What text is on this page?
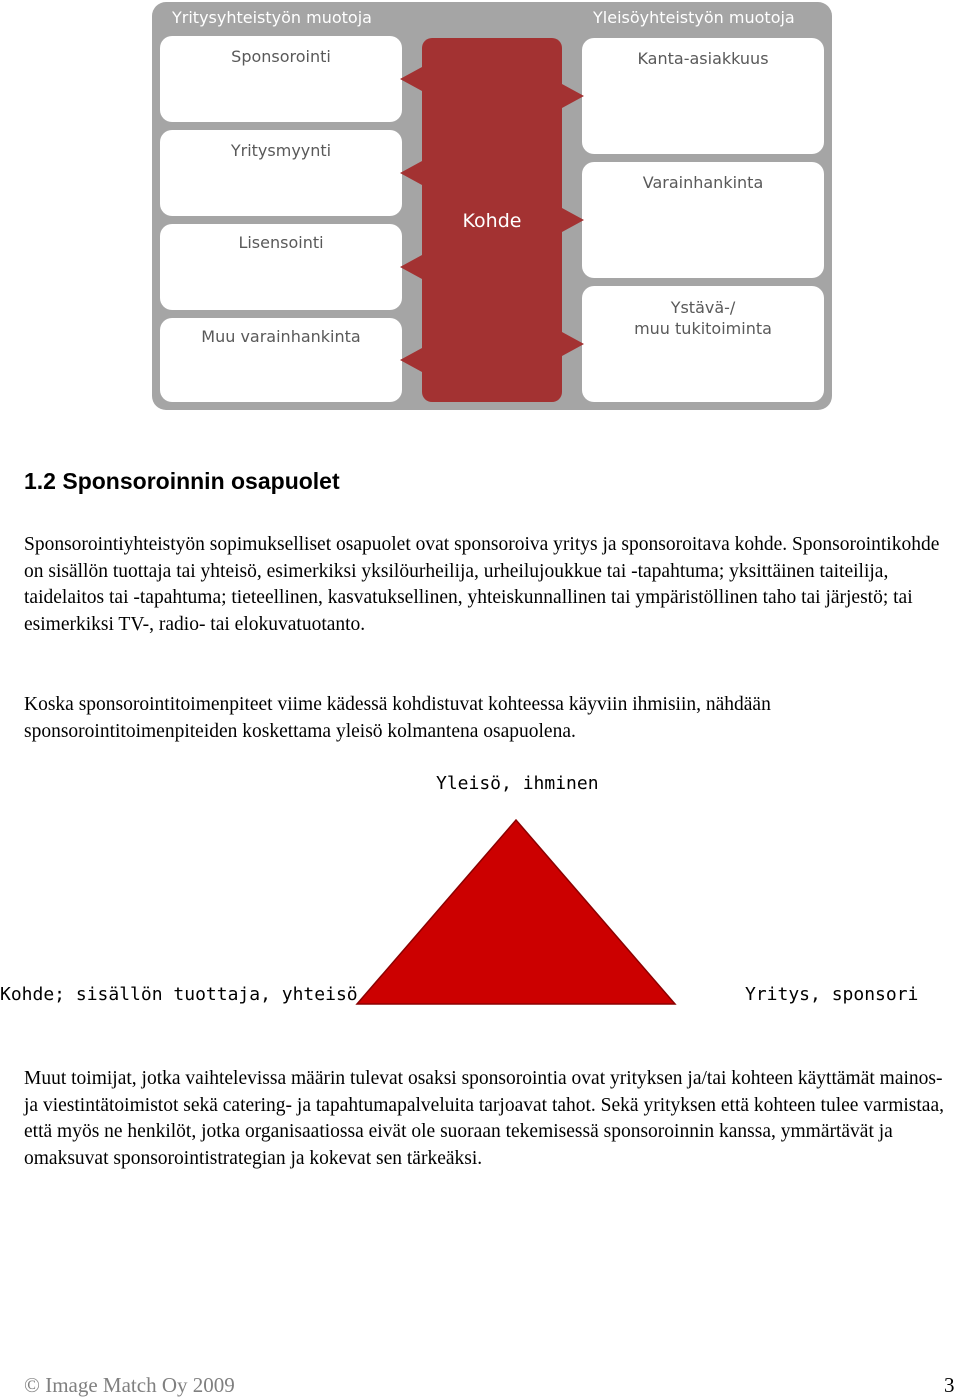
Yritysyhteistyön muotoja	Yleisöyhteistyön muotoja
Sponsorointi
Yritysmyynti
Lisensointi
Muu varainhankinta
Kanta-asiakkuus
Varainhankinta
Ystävä-/
muu tukitoiminta
Kohde
1.2 Sponsoroinnin osapuolet
Sponsorointiyhteistyön sopimukselliset osapuolet ovat sponsoroiva yritys ja sponsoroitava kohde. Sponsorointikohde on sisällön tuottaja tai yhteisö, esimerkiksi yksilöurheilija, urheilujoukkue tai -tapahtuma; yksittäinen taiteilija, taidelaitos tai -tapahtuma; tieteellinen, kasvatuksellinen, yhteiskunnallinen tai ympäristöllinen taho tai järjestö; tai esimerkiksi TV-, radio- tai elokuvatuotanto.
Koska sponsorointitoimenpiteet viime kädessä kohdistuvat kohteessa käyviin ihmisiin, nähdään sponsorointitoimenpiteiden koskettama yleisö kolmantena osapuolena.
Yleisö, ihminen
Kohde; sisällön tuottaja, yhteisö	Yritys, sponsori
Muut toimijat, jotka vaihtelevissa määrin tulevat osaksi sponsorointia ovat yrityksen ja/tai kohteen käyttämät mainos- ja viestintätoimistot sekä catering- ja tapahtumapalveluita tarjoavat tahot. Sekä yrityksen että kohteen tulee varmistaa, että myös ne henkilöt, jotka organisaatiossa eivät ole suoraan tekemisessä sponsoroinnin kanssa, ymmärtävät ja omaksuvat sponsorointistrategian ja kokevat sen tärkeäksi.
© Image Match Oy 2009	3
